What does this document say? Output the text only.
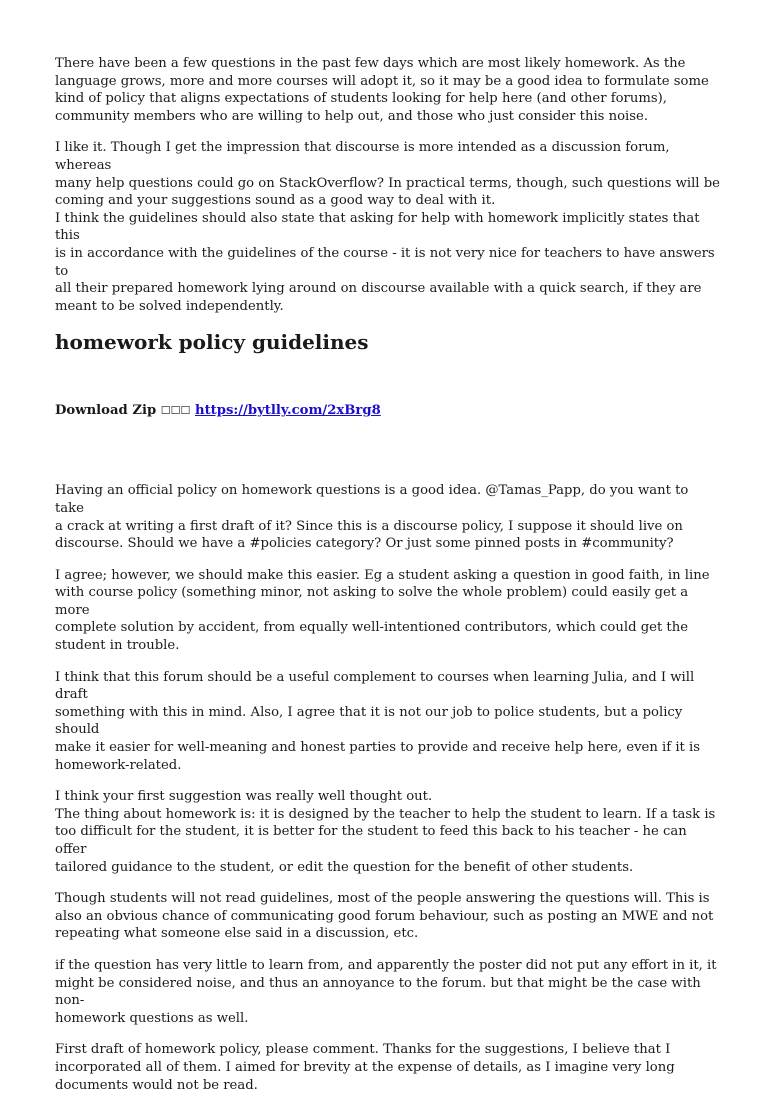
There have been a few questions in the past few days which are most likely homework. As the
language grows, more and more courses will adopt it, so it may be a good idea to formulate some
kind of policy that aligns expectations of students looking for help here (and other forums),
community members who are willing to help out, and those who just consider this noise.

I like it. Though I get the impression that discourse is more intended as a discussion forum, whereas
many help questions could go on StackOverflow? In practical terms, though, such questions will be
coming and your suggestions sound as a good way to deal with it.
I think the guidelines should also state that asking for help with homework implicitly states that this
is in accordance with the guidelines of the course - it is not very nice for teachers to have answers to
all their prepared homework lying around on discourse available with a quick search, if they are
meant to be solved independently.

homework policy guidelines
Download Zip ☐☐☐ https://bytlly.com/2xBrg8

Having an official policy on homework questions is a good idea. @Tamas_Papp, do you want to take
a crack at writing a first draft of it? Since this is a discourse policy, I suppose it should live on
discourse. Should we have a #policies category? Or just some pinned posts in #community?

I agree; however, we should make this easier. Eg a student asking a question in good faith, in line
with course policy (something minor, not asking to solve the whole problem) could easily get a more
complete solution by accident, from equally well-intentioned contributors, which could get the
student in trouble.

I think that this forum should be a useful complement to courses when learning Julia, and I will draft
something with this in mind. Also, I agree that it is not our job to police students, but a policy should
make it easier for well-meaning and honest parties to provide and receive help here, even if it is
homework-related.

I think your first suggestion was really well thought out.
The thing about homework is: it is designed by the teacher to help the student to learn. If a task is
too difficult for the student, it is better for the student to feed this back to his teacher - he can offer
tailored guidance to the student, or edit the question for the benefit of other students.

Though students will not read guidelines, most of the people answering the questions will. This is
also an obvious chance of communicating good forum behaviour, such as posting an MWE and not
repeating what someone else said in a discussion, etc.

if the question has very little to learn from, and apparently the poster did not put any effort in it, it
might be considered noise, and thus an annoyance to the forum. but that might be the case with non-
homework questions as well.

First draft of homework policy, please comment. Thanks for the suggestions, I believe that I
incorporated all of them. I aimed for brevity at the expense of details, as I imagine very long
documents would not be read.
